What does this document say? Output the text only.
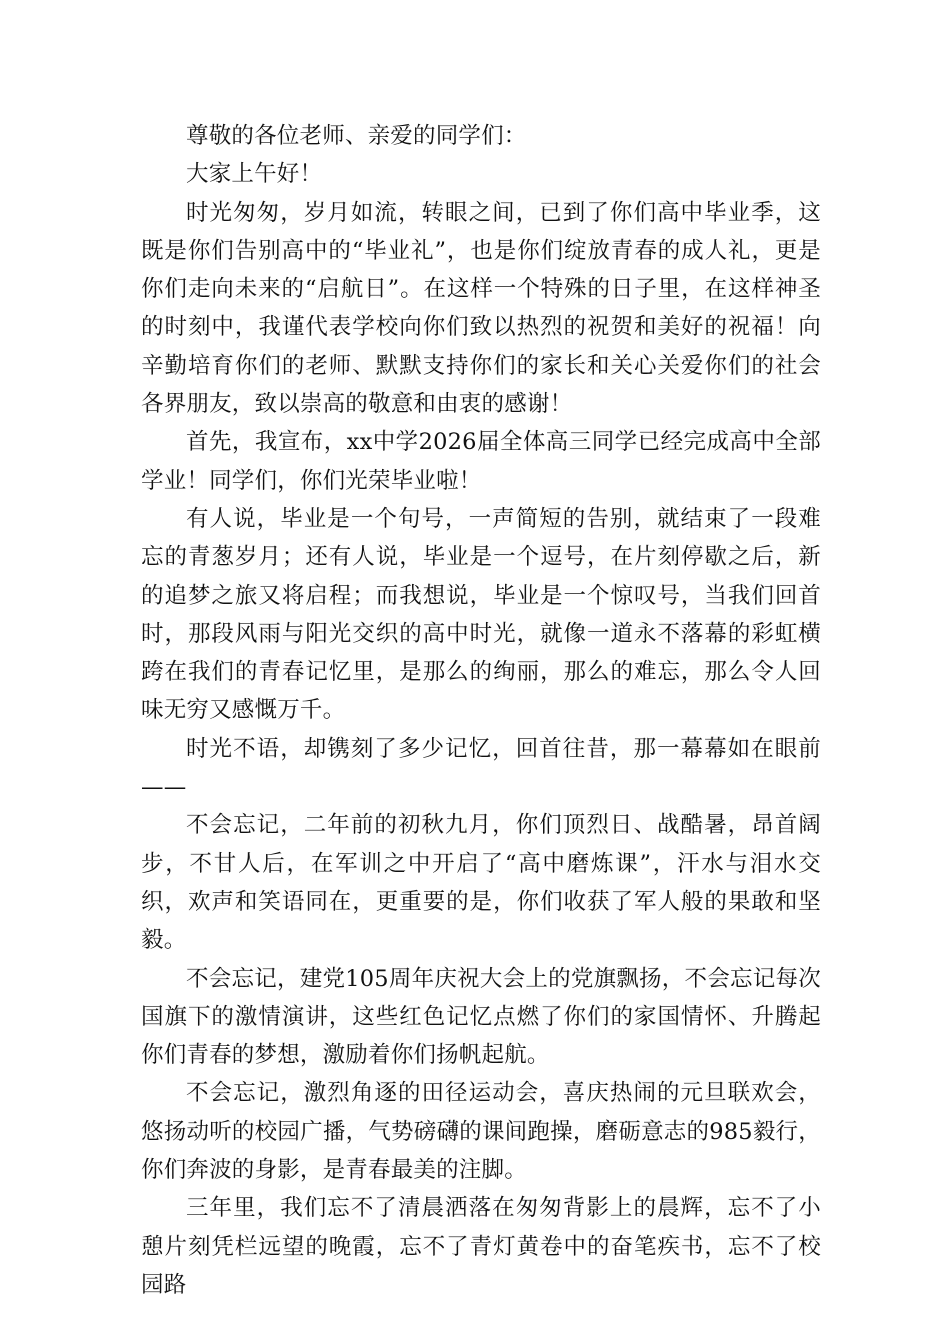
尊敬的各位老师、亲爱的同学们：

大家上午好！

时光匆匆，岁月如流，转眼之间，已到了你们高中毕业季，这既是你们告别高中的“毕业礼”，也是你们绽放青春的成人礼，更是你们走向未来的“启航日”。在这样一个特殊的日子里，在这样神圣的时刻中，我谨代表学校向你们致以热烈的祝贺和美好的祝福！向辛勤培育你们的老师、默默支持你们的家长和关心关爱你们的社会各界朋友，致以崇高的敬意和由衷的感谢！

首先，我宣布，xx中学2026届全体高三同学已经完成高中全部学业！同学们，你们光荣毕业啦！

有人说，毕业是一个句号，一声简短的告别，就结束了一段难忘的青葱岁月；还有人说，毕业是一个逗号，在片刻停歇之后，新的追梦之旅又将启程；而我想说，毕业是一个惊叹号，当我们回首时，那段风雨与阳光交织的高中时光，就像一道永不落幕的彩虹横跨在我们的青春记忆里，是那么的绚丽，那么的难忘，那么令人回味无穷又感慨万千。

时光不语，却镌刻了多少记忆，回首往昔，那一幕幕如在眼前——

不会忘记，二年前的初秋九月，你们顶烈日、战酷暑，昂首阔步，不甘人后，在军训之中开启了“高中磨炼课”，汗水与泪水交织，欢声和笑语同在，更重要的是，你们收获了军人般的果敢和坚毅。

不会忘记，建党105周年庆祝大会上的党旗飘扬，不会忘记每次国旗下的激情演讲，这些红色记忆点燃了你们的家国情怀、升腾起你们青春的梦想，激励着你们扬帆起航。

不会忘记，激烈角逐的田径运动会，喜庆热闹的元旦联欢会，悠扬动听的校园广播，气势磅礴的课间跑操，磨砺意志的985毅行，你们奔波的身影，是青春最美的注脚。

三年里，我们忘不了清晨洒落在匆匆背影上的晨辉，忘不了小憩片刻凭栏远望的晚霞，忘不了青灯黄卷中的奋笔疾书，忘不了校园路
